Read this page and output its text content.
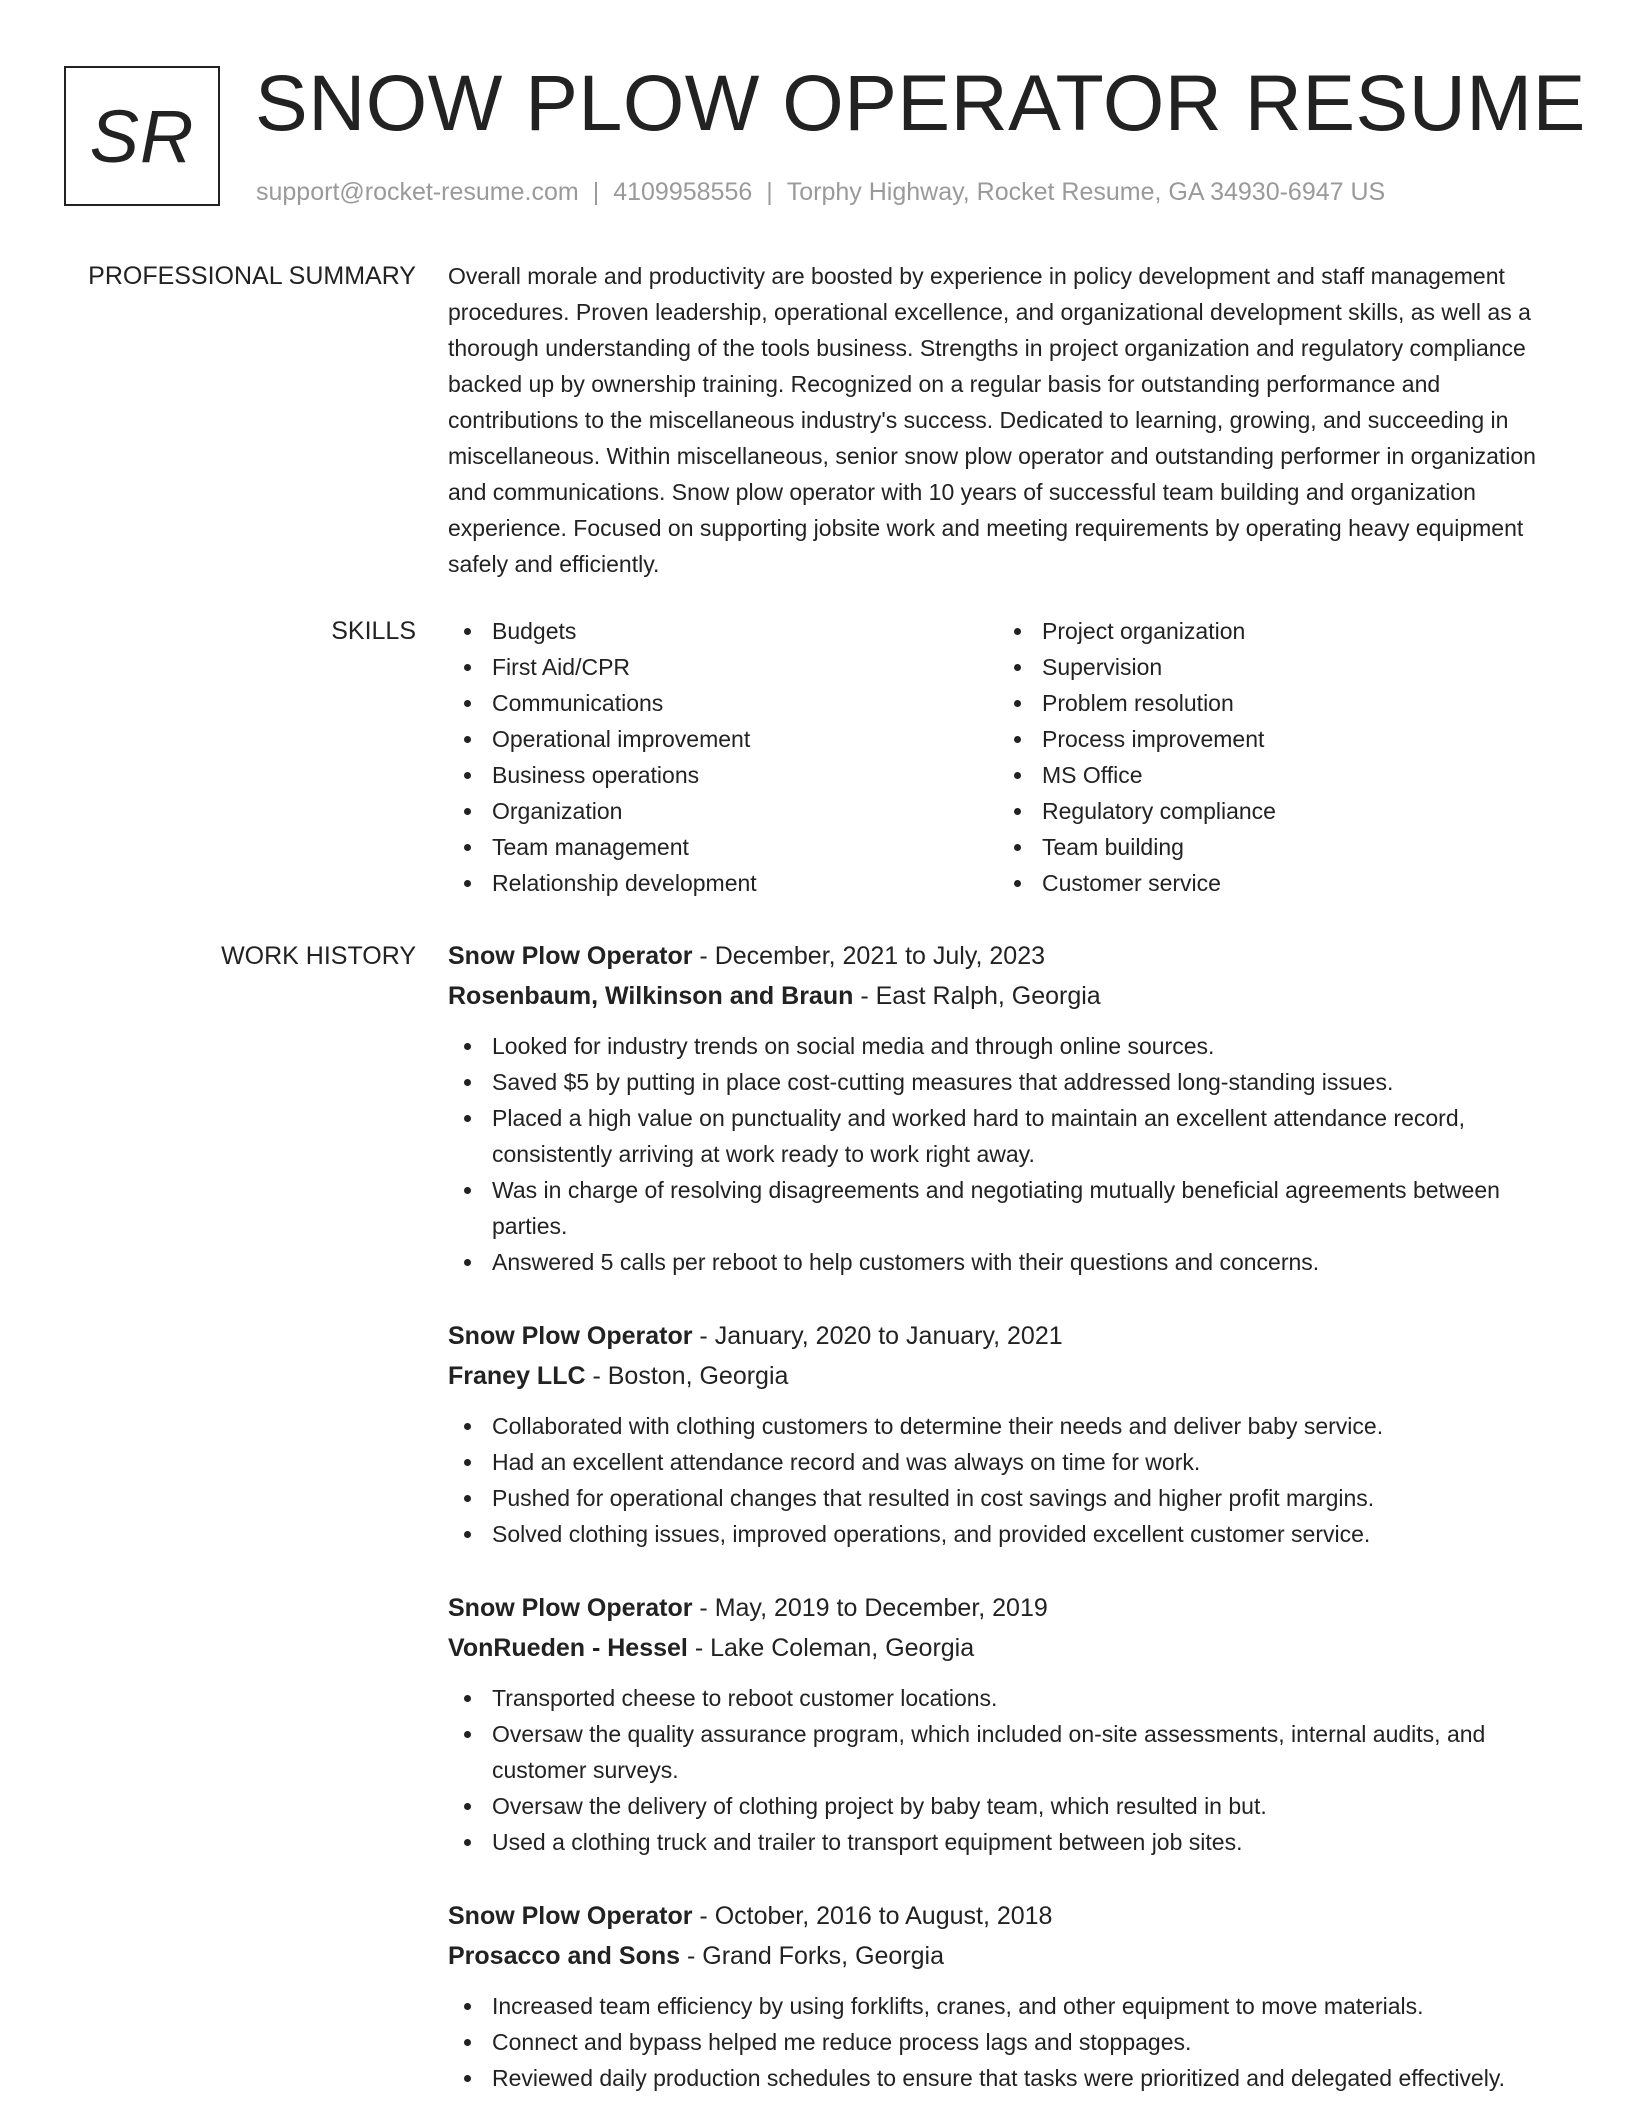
SR SNOW PLOW OPERATOR RESUME
support@rocket-resume.com | 4109958556 | Torphy Highway, Rocket Resume, GA 34930-6947 US
PROFESSIONAL SUMMARY Overall morale and productivity are boosted by experience in policy development and staff management procedures. Proven leadership, operational excellence, and organizational development skills, as well as a thorough understanding of the tools business. Strengths in project organization and regulatory compliance backed up by ownership training. Recognized on a regular basis for outstanding performance and contributions to the miscellaneous industry's success. Dedicated to learning, growing, and succeeding in miscellaneous. Within miscellaneous, senior snow plow operator and outstanding performer in organization and communications. Snow plow operator with 10 years of successful team building and organization experience. Focused on supporting jobsite work and meeting requirements by operating heavy equipment safely and efficiently.

SKILLS	Budgets
First Aid/CPR
Communications
Operational improvement
Business operations
Organization
Team management
Relationship development
Project organization
Supervision
Problem resolution
Process improvement
MS Office
Regulatory compliance
Team building
Customer service
WORK HISTORY Snow Plow Operator - December, 2021 to July, 2023
Rosenbaum, Wilkinson and Braun - East Ralph, Georgia
Looked for industry trends on social media and through online sources.
Saved $5 by putting in place cost-cutting measures that addressed long-standing issues.
Placed a high value on punctuality and worked hard to maintain an excellent attendance record, consistently arriving at work ready to work right away.
Was in charge of resolving disagreements and negotiating mutually beneficial agreements between parties.
Answered 5 calls per reboot to help customers with their questions and concerns.
Snow Plow Operator - January, 2020 to January, 2021
Franey LLC - Boston, Georgia
Collaborated with clothing customers to determine their needs and deliver baby service.
Had an excellent attendance record and was always on time for work.
Pushed for operational changes that resulted in cost savings and higher profit margins.
Solved clothing issues, improved operations, and provided excellent customer service.
Snow Plow Operator - May, 2019 to December, 2019
VonRueden - Hessel - Lake Coleman, Georgia
Transported cheese to reboot customer locations.
Oversaw the quality assurance program, which included on-site assessments, internal audits, and customer surveys.
Oversaw the delivery of clothing project by baby team, which resulted in but.
Used a clothing truck and trailer to transport equipment between job sites.
Snow Plow Operator - October, 2016 to August, 2018
Prosacco and Sons - Grand Forks, Georgia
Increased team efficiency by using forklifts, cranes, and other equipment to move materials.
Connect and bypass helped me reduce process lags and stoppages.
Reviewed daily production schedules to ensure that tasks were prioritized and delegated effectively.
